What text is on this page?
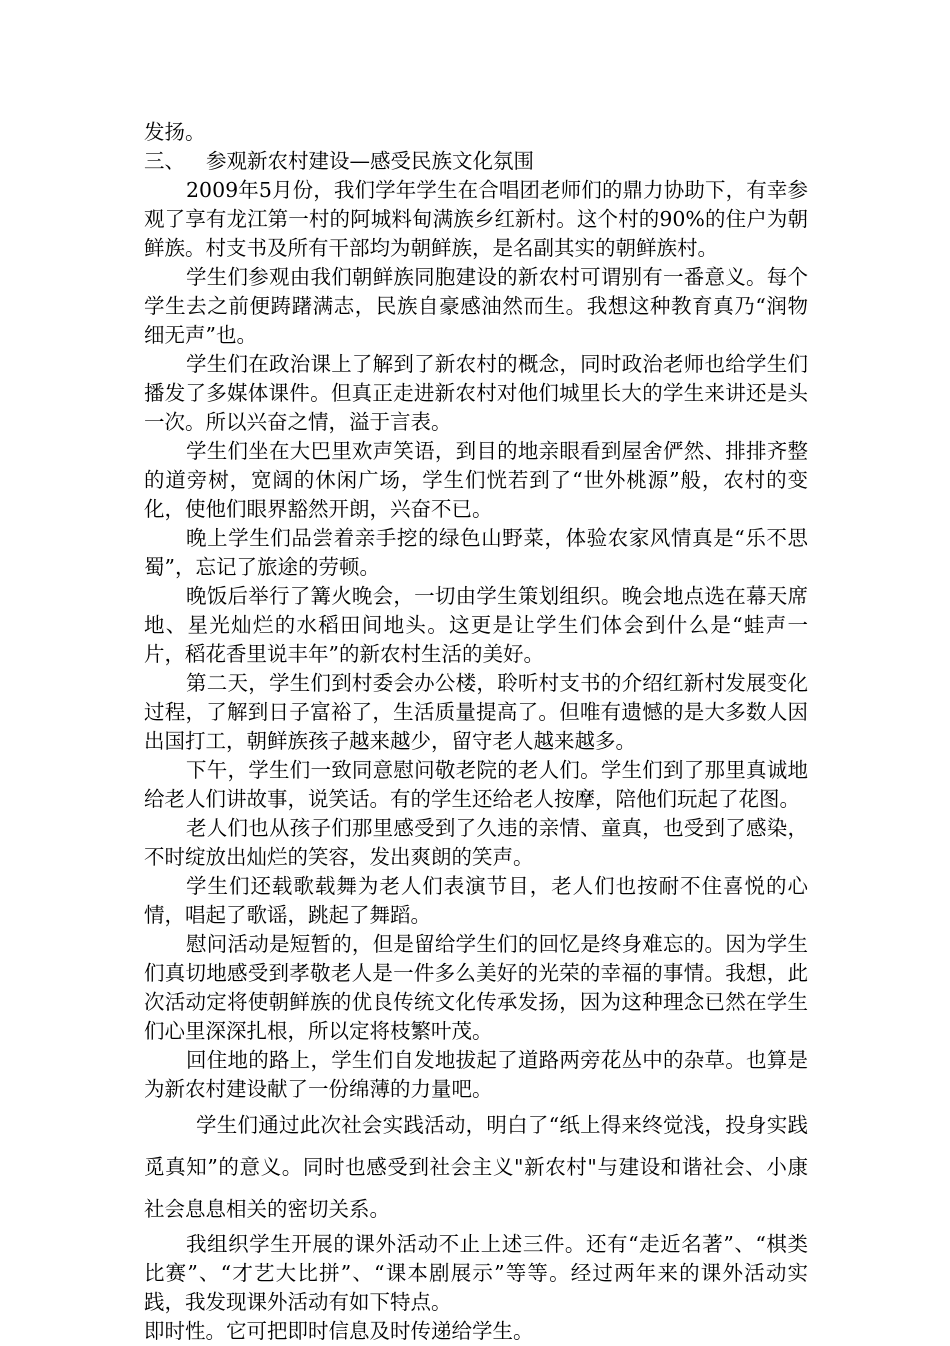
发扬。

三、 参观新农村建设—感受民族文化氛围

2009年5月份，我们学年学生在合唱团老师们的鼎力协助下，有幸参观了享有龙江第一村的阿城料甸满族乡红新村。这个村的90%的住户为朝鲜族。村支书及所有干部均为朝鲜族，是名副其实的朝鲜族村。

学生们参观由我们朝鲜族同胞建设的新农村可谓别有一番意义。每个学生去之前便踌躇满志，民族自豪感油然而生。我想这种教育真乃“润物细无声”也。

学生们在政治课上了解到了新农村的概念，同时政治老师也给学生们播发了多媒体课件。但真正走进新农村对他们城里长大的学生来讲还是头一次。所以兴奋之情，溢于言表。

学生们坐在大巴里欢声笑语，到目的地亲眼看到屋舍俨然、排排齐整的道旁树，宽阔的休闲广场，学生们恍若到了“世外桃源”般，农村的变化，使他们眼界豁然开朗，兴奋不已。

晚上学生们品尝着亲手挖的绿色山野菜，体验农家风情真是“乐不思蜀”，忘记了旅途的劳顿。

晚饭后举行了篝火晚会，一切由学生策划组织。晚会地点选在幕天席地、星光灿烂的水稻田间地头。这更是让学生们体会到什么是“蛙声一片，稻花香里说丰年”的新农村生活的美好。

第二天，学生们到村委会办公楼，聆听村支书的介绍红新村发展变化过程，了解到日子富裕了，生活质量提高了。但唯有遗憾的是大多数人因出国打工，朝鲜族孩子越来越少，留守老人越来越多。

下午，学生们一致同意慰问敬老院的老人们。学生们到了那里真诚地给老人们讲故事，说笑话。有的学生还给老人按摩，陪他们玩起了花图。

老人们也从孩子们那里感受到了久违的亲情、童真，也受到了感染，不时绽放出灿烂的笑容，发出爽朗的笑声。

学生们还载歌载舞为老人们表演节目，老人们也按耐不住喜悦的心情，唱起了歌谣，跳起了舞蹈。

慰问活动是短暂的，但是留给学生们的回忆是终身难忘的。因为学生们真切地感受到孝敬老人是一件多么美好的光荣的幸福的事情。我想，此次活动定将使朝鲜族的优良传统文化传承发扬，因为这种理念已然在学生们心里深深扎根，所以定将枝繁叶茂。

回住地的路上，学生们自发地拔起了道路两旁花丛中的杂草。也算是为新农村建设献了一份绵薄的力量吧。

学生们通过此次社会实践活动，明白了“纸上得来终觉浅，投身实践觅真知”的意义。同时也感受到社会主义"新农村"与建设和谐社会、小康社会息息相关的密切关系。

我组织学生开展的课外活动不止上述三件。还有“走近名著”、“棋类比赛”、“才艺大比拼”、“课本剧展示”等等。经过两年来的课外活动实践，我发现课外活动有如下特点。

即时性。它可把即时信息及时传递给学生。
